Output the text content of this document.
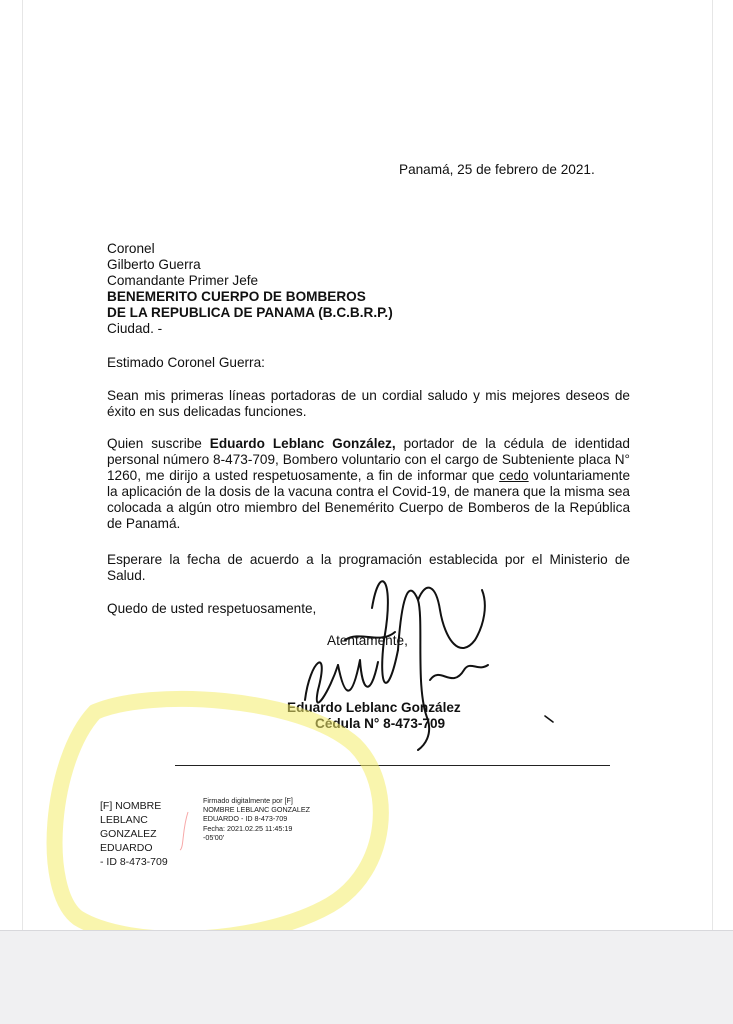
Panamá, 25 de febrero de 2021.
Coronel
Gilberto Guerra
Comandante Primer Jefe
BENEMERITO CUERPO DE BOMBEROS
DE LA REPUBLICA DE PANAMA (B.C.B.R.P.)
Ciudad. -
Estimado Coronel Guerra:
Sean mis primeras líneas portadoras de un cordial saludo y mis mejores deseos de éxito en sus delicadas funciones.
Quien suscribe Eduardo Leblanc González, portador de la cédula de identidad personal número 8-473-709, Bombero voluntario con el cargo de Subteniente placa N° 1260, me dirijo a usted respetuosamente, a fin de informar que cedo voluntariamente la aplicación de la dosis de la vacuna contra el Covid-19, de manera que la misma sea colocada a algún otro miembro del Benemérito Cuerpo de Bomberos de la República de Panamá.
Esperare la fecha de acuerdo a la programación establecida por el Ministerio de Salud.
Quedo de usted respetuosamente,
Atentamente,
Eduardo Leblanc González
Cédula N° 8-473-709
[F] NOMBRE LEBLANC
GONZALEZ EDUARDO
- ID 8-473-709
Firmado digitalmente por [F]
NOMBRE LEBLANC GONZALEZ
EDUARDO - ID 8-473-709
Fecha: 2021.02.25 11:45:19
-05'00'
